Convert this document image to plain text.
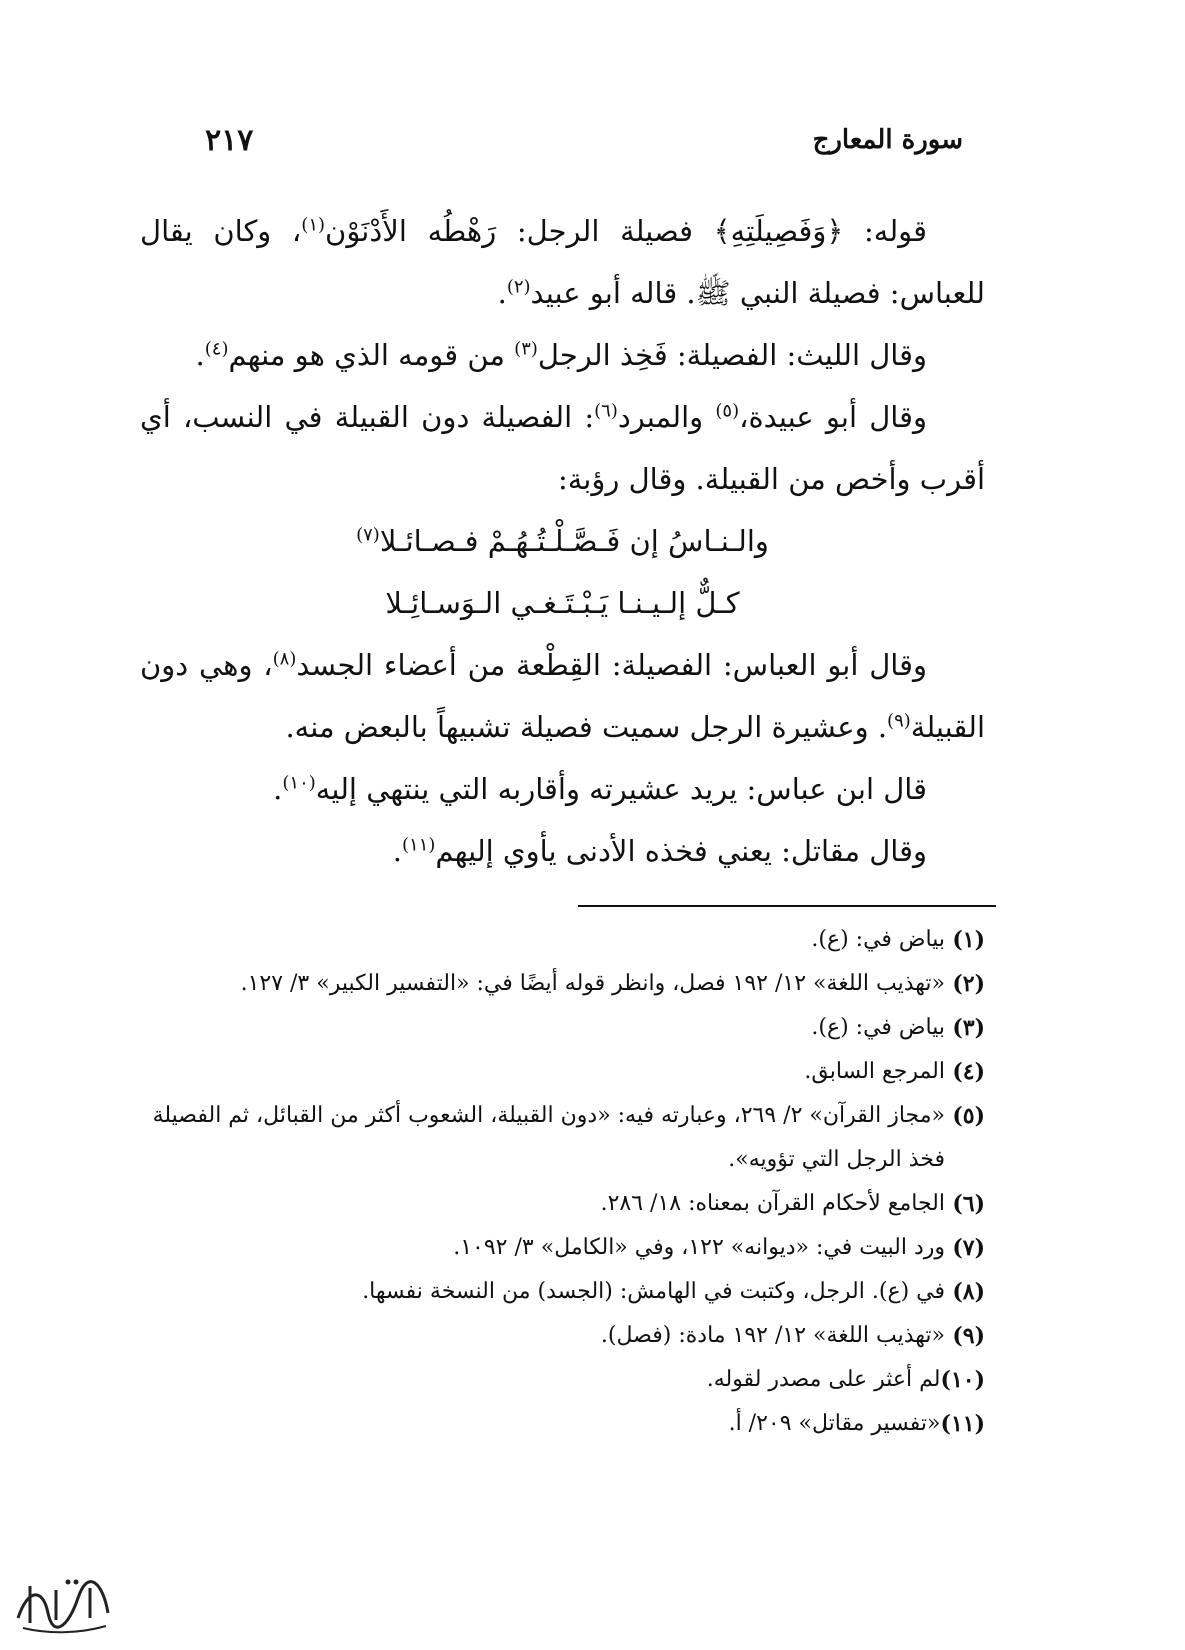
سورة المعارج
٢١٧

قوله: ﴿وَفَصِيلَتِهِ﴾ فصيلة الرجل: رَهْطُه الأَدْنَوْن$^{(١)}$، وكان يقال للعباس: فصيلة النبي ﷺ. قاله أبو عبيد$^{(٢)}$.

وقال الليث: الفصيلة: فَخِذ الرجل$^{(٣)}$ من قومه الذي هو منهم$^{(٤)}$.

وقال أبو عبيدة،$^{(٥)}$ والمبرد$^{(٦)}$: الفصيلة دون القبيلة في النسب، أي أقرب وأخص من القبيلة. وقال رؤبة:

والـنـاسُ إن فَـصَّـلْـتُـهُـمْ فـصـائـلا$^{(٧)}$

كـلٌّ إلـيـنـا يَـبْـتَـغـي الـوَسـائِـلا

وقال أبو العباس: الفصيلة: القِطْعة من أعضاء الجسد$^{(٨)}$، وهي دون القبيلة$^{(٩)}$. وعشيرة الرجل سميت فصيلة تشبيهاً بالبعض منه.

قال ابن عباس: يريد عشيرته وأقاربه التي ينتهي إليه$^{(١٠)}$.

وقال مقاتل: يعني فخذه الأدنى يأوي إليهم$^{(١١)}$.

(١)
بياض في: (ع).
(٢)
«تهذيب اللغة» ١٢/ ١٩٢ فصل، وانظر قوله أيضًا في: «التفسير الكبير» ٣/ ١٢٧.
(٣)
بياض في: (ع).
(٤)
المرجع السابق.
(٥)
«مجاز القرآن» ٢/ ٢٦٩، وعبارته فيه: «دون القبيلة، الشعوب أكثر من القبائل، ثم الفصيلة فخذ الرجل التي تؤويه».
(٦)
الجامع لأحكام القرآن بمعناه: ١٨/ ٢٨٦.
(٧)
ورد البيت في: «ديوانه» ١٢٢، وفي «الكامل» ٣/ ١٠٩٢.
(٨)
في (ع). الرجل، وكتبت في الهامش: (الجسد) من النسخة نفسها.
(٩)
«تهذيب اللغة» ١٢/ ١٩٢ مادة: (فصل).
(١٠)
لم أعثر على مصدر لقوله.
(١١)
«تفسير مقاتل» ٢٠٩/ أ.
